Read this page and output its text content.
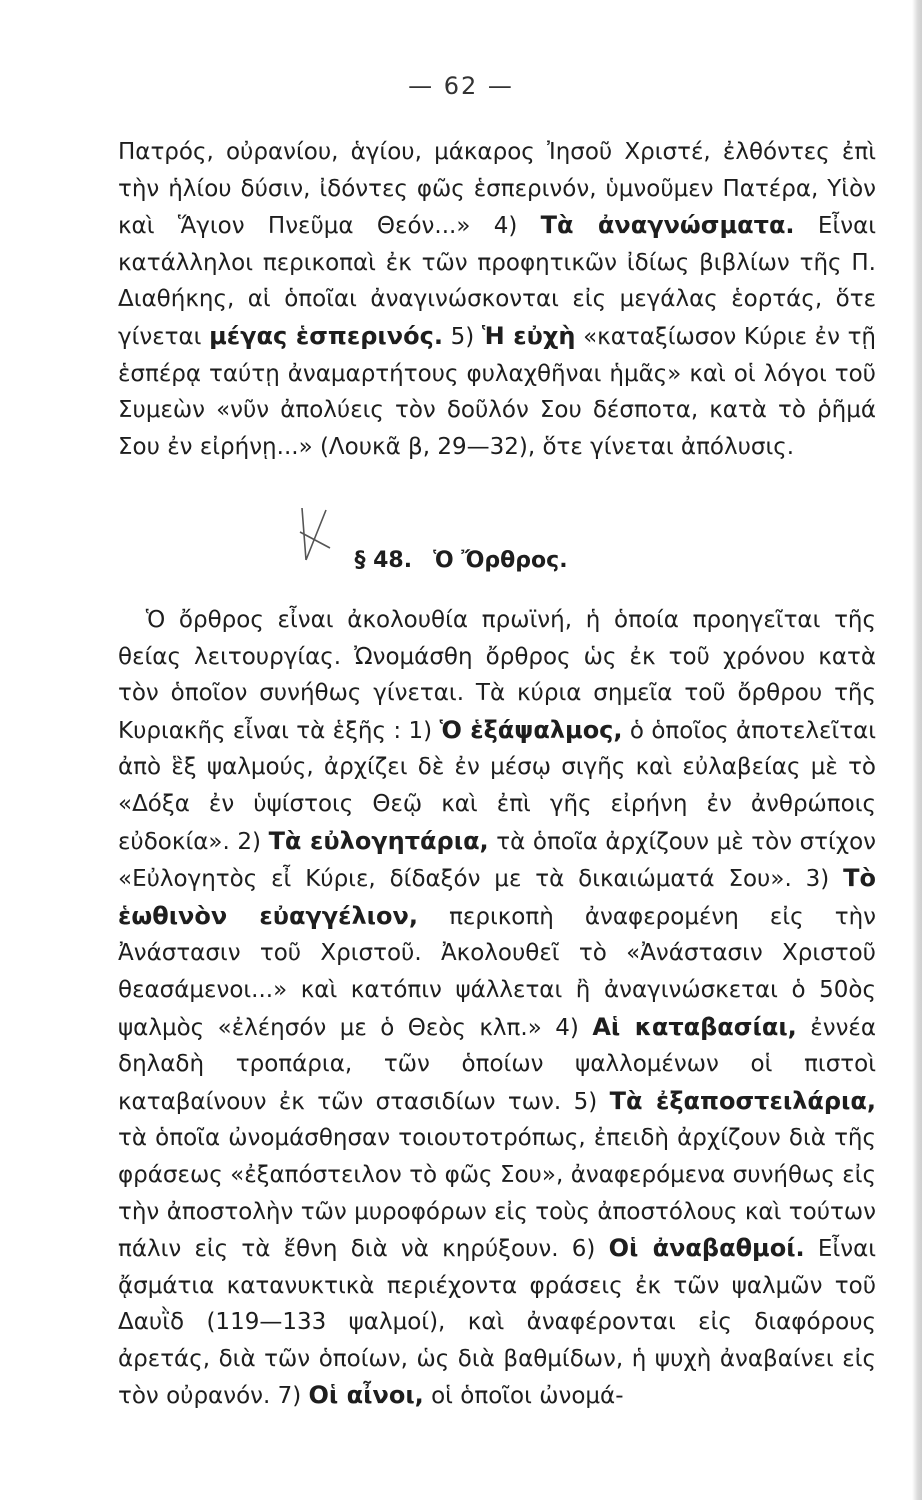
— 62 —

Πατρός, οὐρανίου, ἁγίου, μάκαρος Ἰησοῦ Χριστέ, ἐλθόντες ἐπὶ τὴν ἡλίου δύσιν, ἰδόντες φῶς ἑσπερινόν, ὑμνοῦμεν Πατέρα, Υἱὸν καὶ Ἅγιον Πνεῦμα Θεόν...» 4) Τὰ ἀναγνώσματα. Εἶναι κατάλληλοι περικοπαὶ ἐκ τῶν προφητικῶν ἰδίως βιβλίων τῆς Π. Διαθήκης, αἱ ὁποῖαι ἀναγινώσκονται εἰς μεγάλας ἑορτάς, ὅτε γίνεται μέγας ἑσπερινός. 5) Ἡ εὐχὴ «καταξίωσον Κύριε ἐν τῇ ἑσπέρᾳ ταύτῃ ἀναμαρτήτους φυλαχθῆναι ἡμᾶς» καὶ οἱ λόγοι τοῦ Συμεὼν «νῦν ἀπολύεις τὸν δοῦλόν Σου δέσποτα, κατὰ τὸ ῥῆμά Σου ἐν εἰρήνῃ...» (Λουκᾶ β, 29—32), ὅτε γίνεται ἀπόλυσις.

§ 48. Ὁ Ὄρθρος.

Ὁ ὄρθρος εἶναι ἀκολουθία πρωϊνή, ἡ ὁποία προηγεῖται τῆς θείας λειτουργίας. Ὠνομάσθη ὄρθρος ὡς ἐκ τοῦ χρόνου κατὰ τὸν ὁποῖον συνήθως γίνεται. Τὰ κύρια σημεῖα τοῦ ὄρθρου τῆς Κυριακῆς εἶναι τὰ ἑξῆς : 1) Ὁ ἑξάψαλμος, ὁ ὁποῖος ἀποτελεῖται ἀπὸ ἓξ ψαλμούς, ἀρχίζει δὲ ἐν μέσῳ σιγῆς καὶ εὐλαβείας μὲ τὸ «Δόξα ἐν ὑψίστοις Θεῷ καὶ ἐπὶ γῆς εἰρήνη ἐν ἀνθρώποις εὐδοκία». 2) Τὰ εὐλογητάρια, τὰ ὁποῖα ἀρχίζουν μὲ τὸν στίχον «Εὐλογητὸς εἶ Κύριε, δίδαξόν με τὰ δικαιώματά Σου». 3) Τὸ ἑωθινὸν εὐαγγέλιον, περικοπὴ ἀναφερομένη εἰς τὴν Ἀνάστασιν τοῦ Χριστοῦ. Ἀκολουθεῖ τὸ «Ἀνάστασιν Χριστοῦ θεασάμενοι...» καὶ κατόπιν ψάλλεται ἢ ἀναγινώσκεται ὁ 50ὸς ψαλμὸς «ἐλέησόν με ὁ Θεὸς κλπ.» 4) Αἱ καταβασίαι, ἐννέα δηλαδὴ τροπάρια, τῶν ὁποίων ψαλλομένων οἱ πιστοὶ καταβαίνουν ἐκ τῶν στασιδίων των. 5) Τὰ ἐξαποστειλάρια, τὰ ὁποῖα ὠνομάσθησαν τοιουτοτρόπως, ἐπειδὴ ἀρχίζουν διὰ τῆς φράσεως «ἐξαπόστειλον τὸ φῶς Σου», ἀναφερόμενα συνήθως εἰς τὴν ἀποστολὴν τῶν μυροφόρων εἰς τοὺς ἀποστόλους καὶ τούτων πάλιν εἰς τὰ ἔθνη διὰ νὰ κηρύξουν. 6) Οἱ ἀναβαθμοί. Εἶναι ᾄσμάτια κατανυκτικὰ περιέχοντα φράσεις ἐκ τῶν ψαλμῶν τοῦ Δαυῒδ (119—133 ψαλμοί), καὶ ἀναφέρονται εἰς διαφόρους ἀρετάς, διὰ τῶν ὁποίων, ὡς διὰ βαθμίδων, ἡ ψυχὴ ἀναβαίνει εἰς τὸν οὐρανόν. 7) Οἱ αἶνοι, οἱ ὁποῖοι ὠνομά-
